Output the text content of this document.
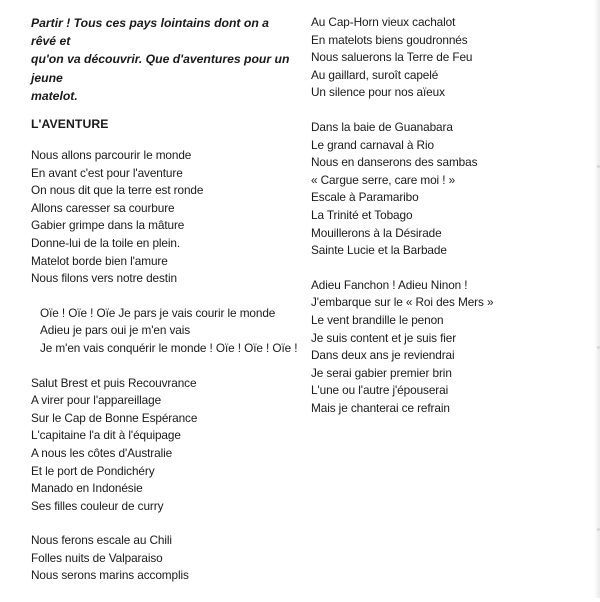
Partir ! Tous ces pays lointains dont on a rêvé et
qu'on va découvrir. Que d'aventures pour un jeune
matelot.
L'AVENTURE
Nous allons parcourir le monde
En avant c'est pour l'aventure
On nous dit que la terre est ronde
Allons caresser sa courbure
Gabier grimpe dans la mâture
Donne-lui de la toile en plein.
Matelot borde bien l'amure
Nous filons vers notre destin
Oïe ! Oïe ! Oïe Je pars je vais courir le monde
Adieu je pars oui je m'en vais
Je m'en vais conquérir le monde ! Oïe ! Oïe ! Oïe !
Salut Brest et puis Recouvrance
A virer pour l'appareillage
Sur le Cap de Bonne Espérance
L'capitaine l'a dit à l'équipage
A nous les côtes d'Australie
Et le port de Pondichéry
Manado en Indonésie
Ses filles couleur de curry
Nous ferons escale au Chili
Folles nuits de Valparaiso
Nous serons marins accomplis
Au Cap-Horn vieux cachalot
En matelots biens goudronnés
Nous saluerons la Terre de Feu
Au gaillard, suroît capelé
Un silence pour nos aïeux
Dans la baie de Guanabara
Le grand carnaval à Rio
Nous en danserons des sambas
« Cargue serre, care moi ! »
Escale à Paramaribo
La Trinité et Tobago
Mouillerons à la Désirade
Sainte Lucie et la Barbade
Adieu Fanchon ! Adieu Ninon !
J'embarque sur le « Roi des Mers »
Le vent brandille le penon
Je suis content et je suis fier
Dans deux ans je reviendrai
Je serai gabier premier brin
L'une ou l'autre j'épouserai
Mais je chanterai ce refrain
